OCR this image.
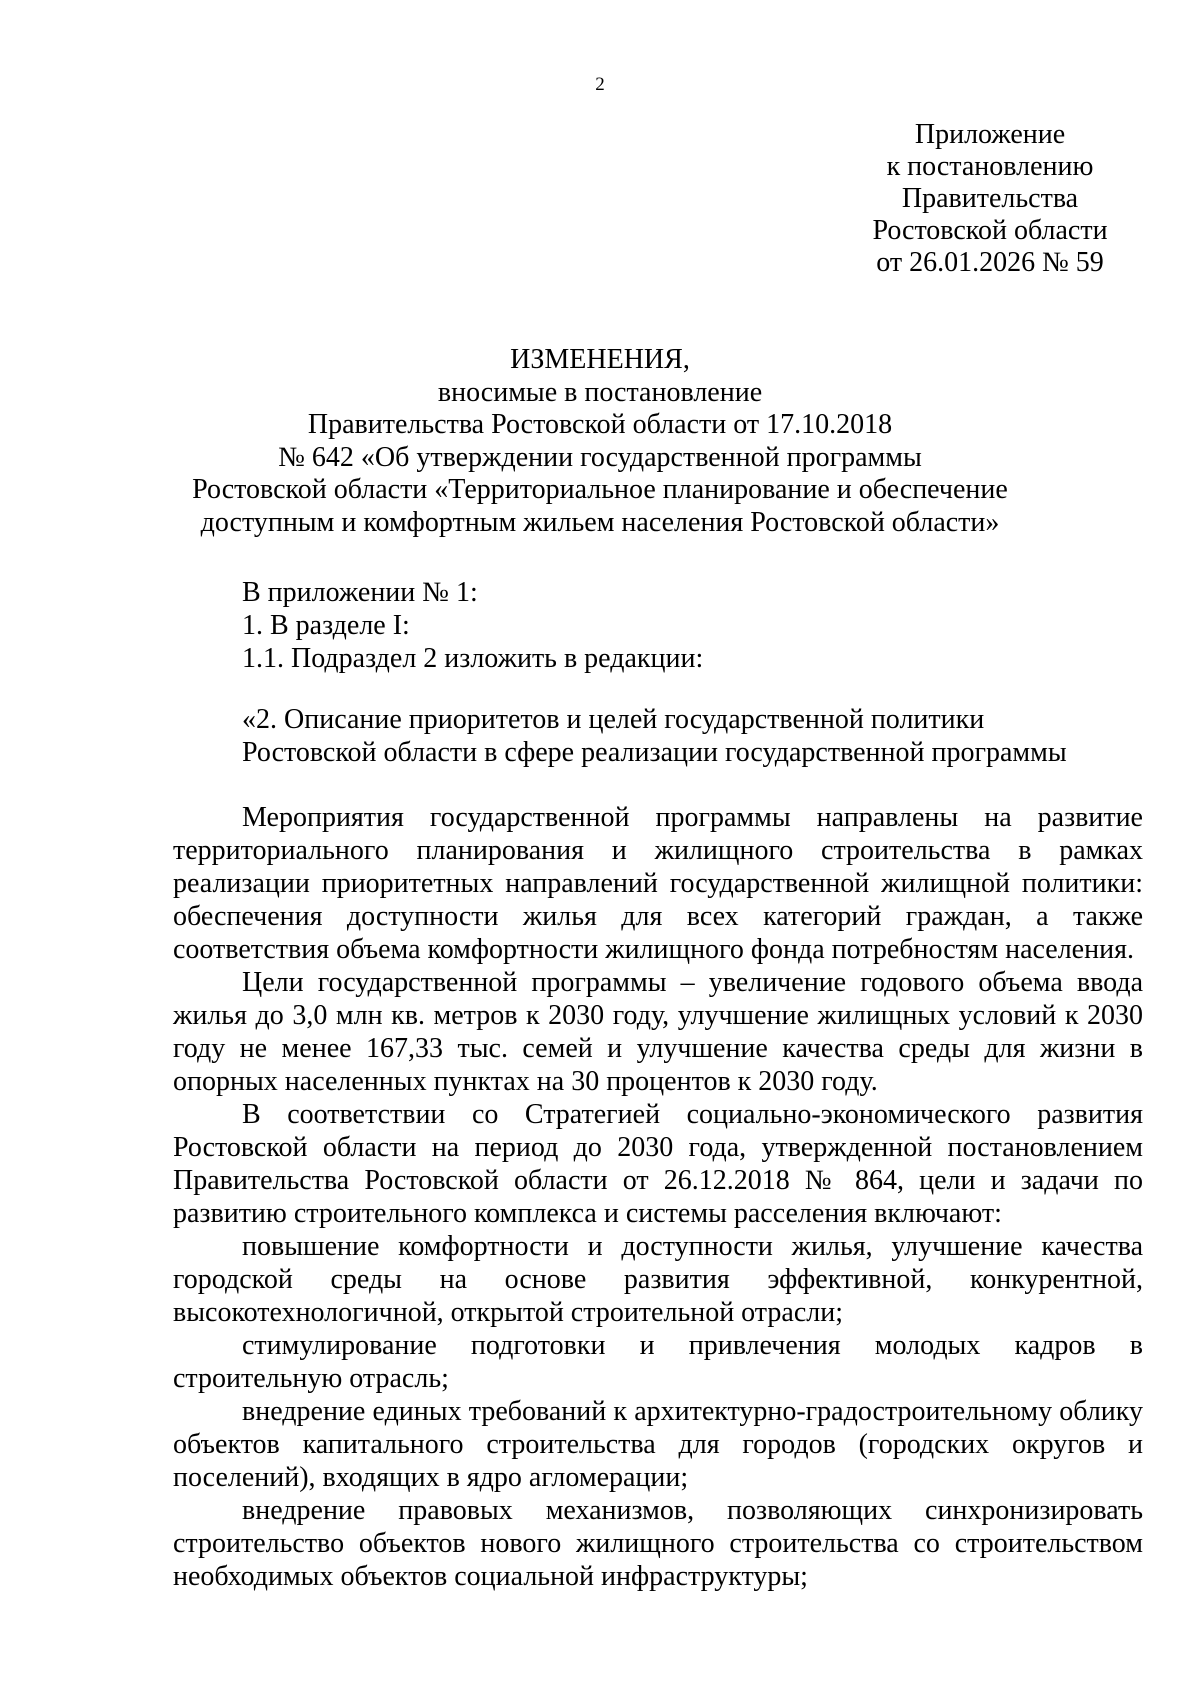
2
Приложение
к постановлению
Правительства
Ростовской области
от 26.01.2026 № 59
ИЗМЕНЕНИЯ,
вносимые в постановление
Правительства Ростовской области от 17.10.2018
№ 642 «Об утверждении государственной программы
Ростовской области «Территориальное планирование и обеспечение
доступным и комфортным жильем населения Ростовской области»
В приложении № 1:
1. В разделе I:
1.1. Подраздел 2 изложить в редакции:
«2. Описание приоритетов и целей государственной политики
Ростовской области в сфере реализации государственной программы

Мероприятия государственной программы направлены на развитие территориального планирования и жилищного строительства в рамках реализации приоритетных направлений государственной жилищной политики: обеспечения доступности жилья для всех категорий граждан, а также соответствия объема комфортности жилищного фонда потребностям населения.

Цели государственной программы – увеличение годового объема ввода жилья до 3,0 млн кв. метров к 2030 году, улучшение жилищных условий к 2030 году не менее 167,33 тыс. семей и улучшение качества среды для жизни в опорных населенных пунктах на 30 процентов к 2030 году.

В соответствии со Стратегией социально-экономического развития Ростовской области на период до 2030 года, утвержденной постановлением Правительства Ростовской области от 26.12.2018 № 864, цели и задачи по развитию строительного комплекса и системы расселения включают:

повышение комфортности и доступности жилья, улучшение качества городской среды на основе развития эффективной, конкурентной, высокотехнологичной, открытой строительной отрасли;

стимулирование подготовки и привлечения молодых кадров в строительную отрасль;

внедрение единых требований к архитектурно-градостроительному облику объектов капитального строительства для городов (городских округов и поселений), входящих в ядро агломерации;

внедрение правовых механизмов, позволяющих синхронизировать строительство объектов нового жилищного строительства со строительством необходимых объектов социальной инфраструктуры;
